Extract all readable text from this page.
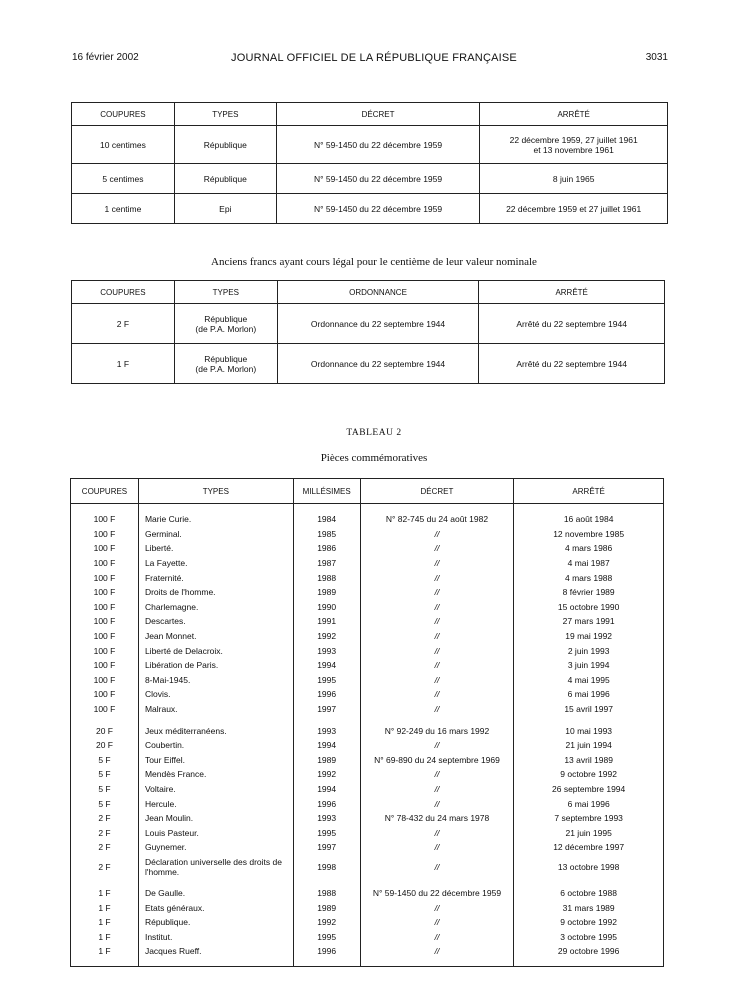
16 février 2002	JOURNAL OFFICIEL DE LA RÉPUBLIQUE FRANÇAISE	3031
COUPURES	TYPES	DÉCRET	ARRÊTÉ
10 centimes	République	N° 59-1450 du 22 décembre 1959	22 décembre 1959, 27 juillet 1961
et 13 novembre 1961
5 centimes	République	N° 59-1450 du 22 décembre 1959	8 juin 1965
1 centime	Epi	N° 59-1450 du 22 décembre 1959	22 décembre 1959 et 27 juillet 1961
Anciens francs ayant cours légal pour le centième de leur valeur nominale
COUPURES	TYPES	ORDONNANCE	ARRÊTÉ
2 F	République
(de P.A. Morlon)	Ordonnance du 22 septembre 1944	Arrêté du 22 septembre 1944
1 F	République
(de P.A. Morlon)	Ordonnance du 22 septembre 1944	Arrêté du 22 septembre 1944
TABLEAU 2
Pièces commémoratives
COUPURES	TYPES	MILLÉSIMES	DÉCRET	ARRÊTÉ

100 F	Marie Curie.	1984	N° 82-745 du 24 août 1982	16 août 1984
100 F	Germinal.	1985	//	12 novembre 1985
100 F	Liberté.	1986	//	4 mars 1986
100 F	La Fayette.	1987	//	4 mai 1987
100 F	Fraternité.	1988	//	4 mars 1988
100 F	Droits de l'homme.	1989	//	8 février 1989
100 F	Charlemagne.	1990	//	15 octobre 1990
100 F	Descartes.	1991	//	27 mars 1991
100 F	Jean Monnet.	1992	//	19 mai 1992
100 F	Liberté de Delacroix.	1993	//	2 juin 1993
100 F	Libération de Paris.	1994	//	3 juin 1994
100 F	8-Mai-1945.	1995	//	4 mai 1995
100 F	Clovis.	1996	//	6 mai 1996
100 F	Malraux.	1997	//	15 avril 1997

20 F	Jeux méditerranéens.	1993	N° 92-249 du 16 mars 1992	10 mai 1993
20 F	Coubertin.	1994	//	21 juin 1994
5 F	Tour Eiffel.	1989	N° 69-890 du 24 septembre 1969	13 avril 1989
5 F	Mendès France.	1992	//	9 octobre 1992
5 F	Voltaire.	1994	//	26 septembre 1994
5 F	Hercule.	1996	//	6 mai 1996
2 F	Jean Moulin.	1993	N° 78-432 du 24 mars 1978	7 septembre 1993
2 F	Louis Pasteur.	1995	//	21 juin 1995
2 F	Guynemer.	1997	//	12 décembre 1997
2 F	Déclaration universelle des droits de l'homme.	1998	//	13 octobre 1998

1 F	De Gaulle.	1988	N° 59-1450 du 22 décembre 1959	6 octobre 1988
1 F	Etats généraux.	1989	//	31 mars 1989
1 F	République.	1992	//	9 octobre 1992
1 F	Institut.	1995	//	3 octobre 1995
1 F	Jacques Rueff.	1996	//	29 octobre 1996
